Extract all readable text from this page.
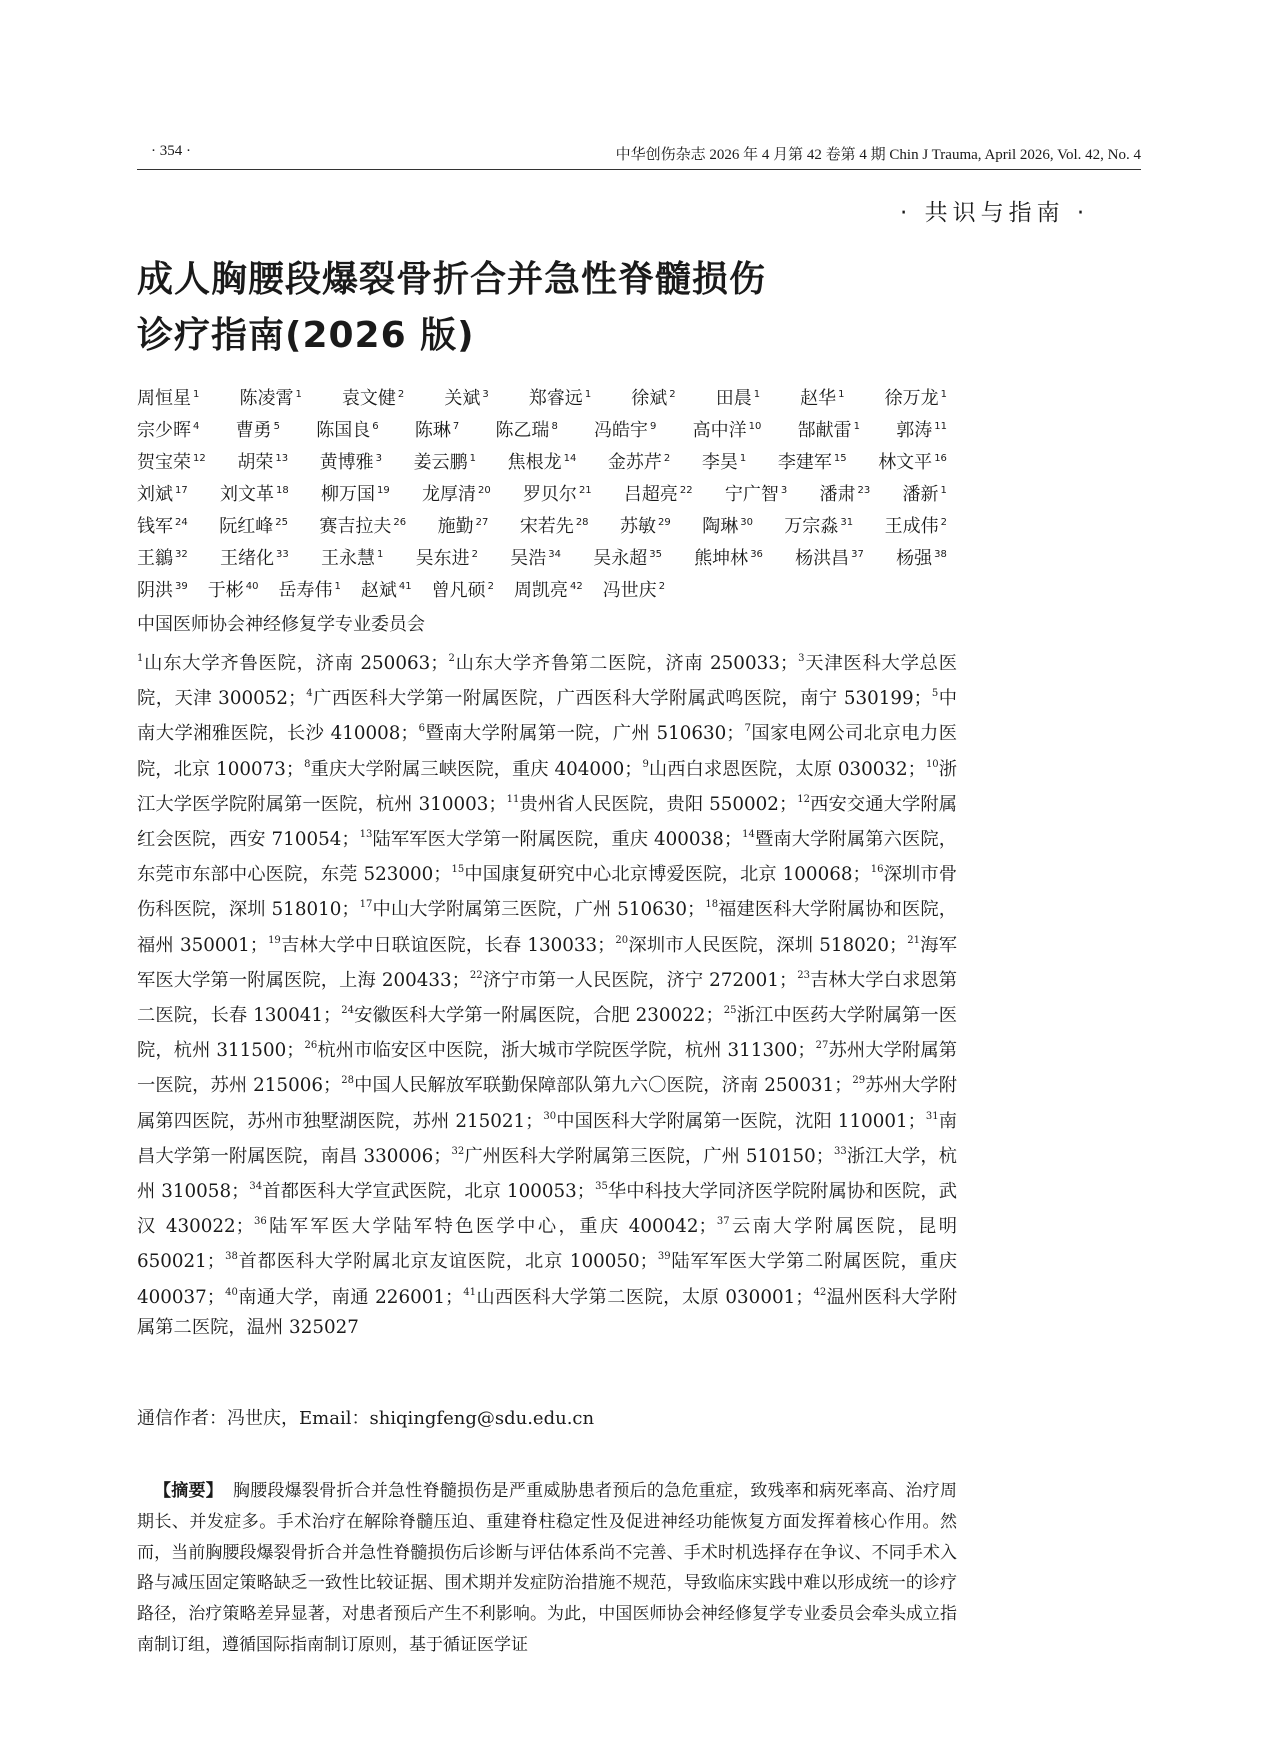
· 354 ·	中华创伤杂志 2026 年 4 月第 42 卷第 4 期 Chin J Trauma, April 2026, Vol. 42, No. 4
· 共识与指南 ·
成人胸腰段爆裂骨折合并急性脊髓损伤
诊疗指南(2026 版)
周恒星 $^1$ 陈凌霄 $^1$ 袁文健 $^2$ 关斌 $^3$ 郑睿远 $^1$ 徐斌 $^2$ 田晨 $^1$ 赵华 $^1$ 徐万龙 $^1$
宗少晖 $^4$ 曹勇 $^5$ 陈国良 $^6$ 陈琳 $^7$ 陈乙瑞 $^8$ 冯皓宇 $^9$ 高中洋 $^{10}$ 郜献雷 $^1$ 郭涛 $^{11}$
贺宝荣 $^{12}$ 胡荣 $^{13}$ 黄博雅 $^3$ 姜云鹏 $^1$ 焦根龙 $^{14}$ 金苏芹 $^2$ 李昊 $^1$ 李建军 $^{15}$ 林文平 $^{16}$
刘斌 $^{17}$ 刘文革 $^{18}$ 柳万国 $^{19}$ 龙厚清 $^{20}$ 罗贝尔 $^{21}$ 吕超亮 $^{22}$ 宁广智 $^3$ 潘肃 $^{23}$ 潘新 $^1$
钱军 $^{24}$ 阮红峰 $^{25}$ 赛吉拉夫 $^{26}$ 施勤 $^{27}$ 宋若先 $^{28}$ 苏敏 $^{29}$ 陶琳 $^{30}$ 万宗淼 $^{31}$ 王成伟 $^2$
王鶲 $^{32}$ 王绪化 $^{33}$ 王永慧 $^1$ 吴东进 $^2$ 吴浩 $^{34}$ 吴永超 $^{35}$ 熊坤林 $^{36}$ 杨洪昌 $^{37}$ 杨强 $^{38}$
阴洪 $^{39}$ 于彬 $^{40}$ 岳寿伟 $^1$ 赵斌 $^{41}$ 曾凡硕 $^2$ 周凯亮 $^{42}$ 冯世庆 $^2$
中国医师协会神经修复学专业委员会
$^1$山东大学齐鲁医院，济南 250063；$^2$山东大学齐鲁第二医院，济南 250033；$^3$天津医科大学总医院，天津 300052；$^4$广西医科大学第一附属医院，广西医科大学附属武鸣医院，南宁 530199；$^5$中南大学湘雅医院，长沙 410008；$^6$暨南大学附属第一院，广州 510630；$^7$国家电网公司北京电力医院，北京 100073；$^8$重庆大学附属三峡医院，重庆 404000；$^9$山西白求恩医院，太原 030032；$^{10}$浙江大学医学院附属第一医院，杭州 310003；$^{11}$贵州省人民医院，贵阳 550002；$^{12}$西安交通大学附属红会医院，西安 710054；$^{13}$陆军军医大学第一附属医院，重庆 400038；$^{14}$暨南大学附属第六医院，东莞市东部中心医院，东莞 523000；$^{15}$中国康复研究中心北京博爱医院，北京 100068；$^{16}$深圳市骨伤科医院，深圳 518010；$^{17}$中山大学附属第三医院，广州 510630；$^{18}$福建医科大学附属协和医院，福州 350001；$^{19}$吉林大学中日联谊医院，长春 130033；$^{20}$深圳市人民医院，深圳 518020；$^{21}$海军军医大学第一附属医院，上海 200433；$^{22}$济宁市第一人民医院，济宁 272001；$^{23}$吉林大学白求恩第二医院，长春 130041；$^{24}$安徽医科大学第一附属医院，合肥 230022；$^{25}$浙江中医药大学附属第一医院，杭州 311500；$^{26}$杭州市临安区中医院，浙大城市学院医学院，杭州 311300；$^{27}$苏州大学附属第一医院，苏州 215006；$^{28}$中国人民解放军联勤保障部队第九六〇医院，济南 250031；$^{29}$苏州大学附属第四医院，苏州市独墅湖医院，苏州 215021；$^{30}$中国医科大学附属第一医院，沈阳 110001；$^{31}$南昌大学第一附属医院，南昌 330006；$^{32}$广州医科大学附属第三医院，广州 510150；$^{33}$浙江大学，杭州 310058；$^{34}$首都医科大学宣武医院，北京 100053；$^{35}$华中科技大学同济医学院附属协和医院，武汉 430022；$^{36}$陆军军医大学陆军特色医学中心，重庆 400042；$^{37}$云南大学附属医院，昆明 650021；$^{38}$首都医科大学附属北京友谊医院，北京 100050；$^{39}$陆军军医大学第二附属医院，重庆 400037；$^{40}$南通大学，南通 226001；$^{41}$山西医科大学第二医院，太原 030001；$^{42}$温州医科大学附属第二医院，温州 325027
通信作者：冯世庆，Email：shiqingfeng@sdu.edu.cn
【摘要】 胸腰段爆裂骨折合并急性脊髓损伤是严重威胁患者预后的急危重症，致残率和病死率高、治疗周期长、并发症多。手术治疗在解除脊髓压迫、重建脊柱稳定性及促进神经功能恢复方面发挥着核心作用。然而，当前胸腰段爆裂骨折合并急性脊髓损伤后诊断与评估体系尚不完善、手术时机选择存在争议、不同手术入路与减压固定策略缺乏一致性比较证据、围术期并发症防治措施不规范，导致临床实践中难以形成统一的诊疗路径，治疗策略差异显著，对患者预后产生不利影响。为此，中国医师协会神经修复学专业委员会牵头成立指南制订组，遵循国际指南制订原则，基于循证医学证
